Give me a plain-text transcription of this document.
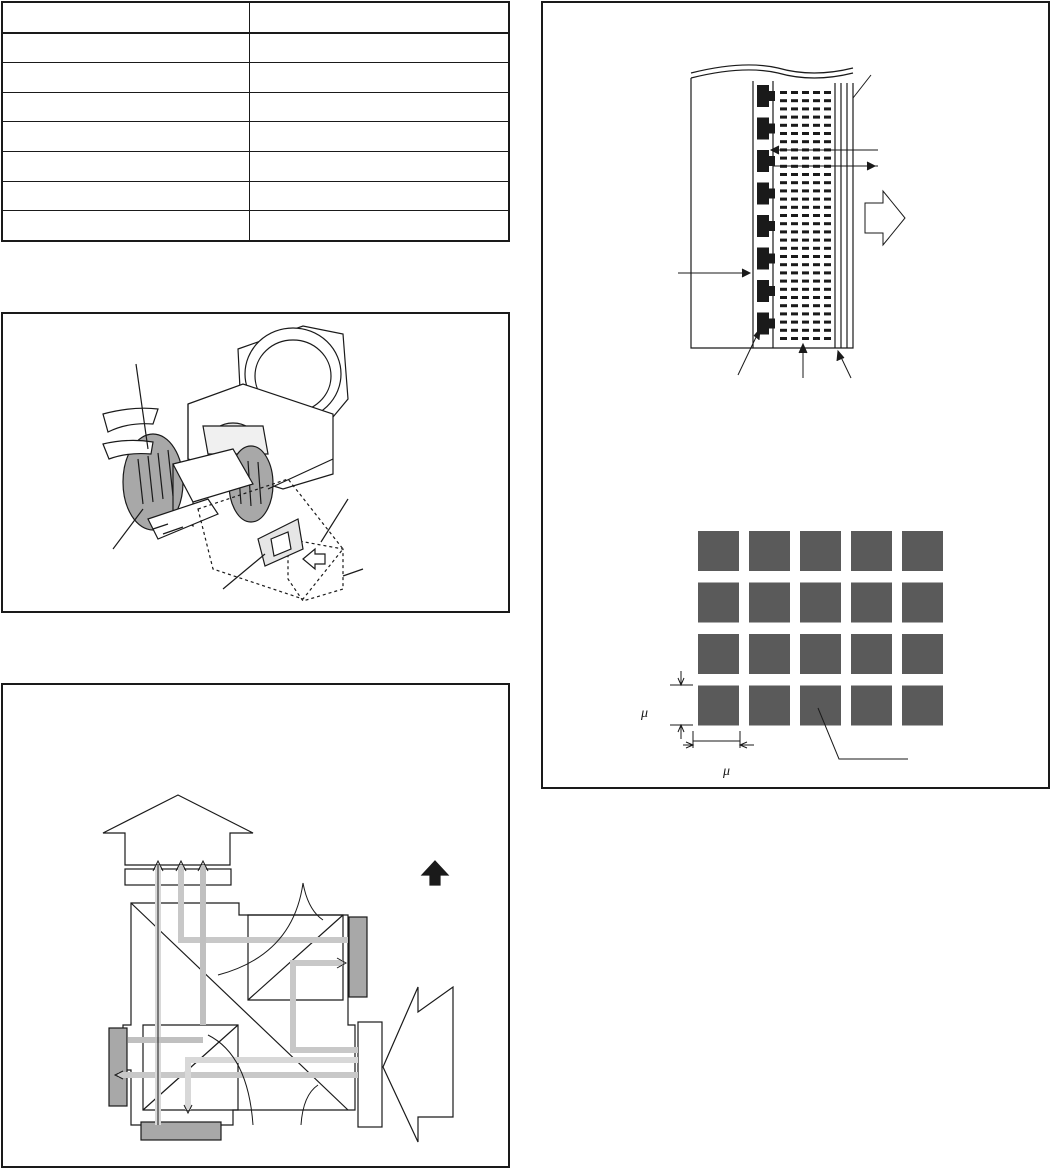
μ
μ
